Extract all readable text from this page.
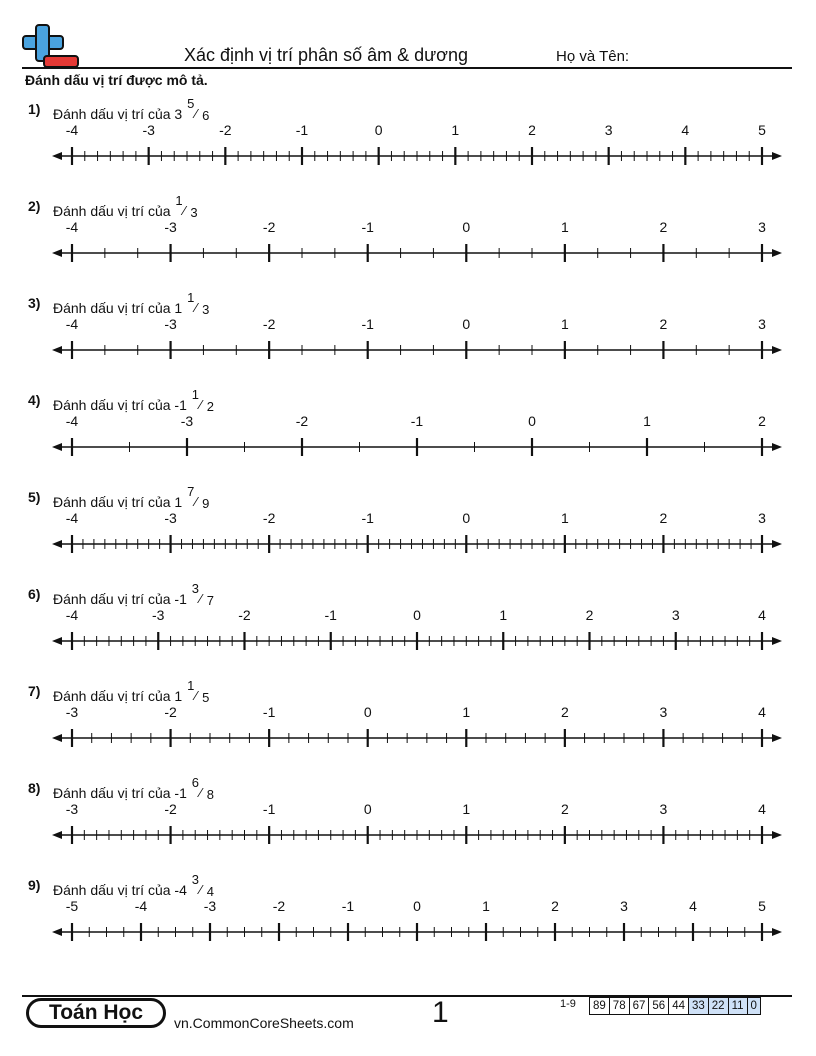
Xác định vị trí phân số âm & dương	Họ và Tên:
Đánh dấu vị trí được mô tả.
1) Đánh dấu vị trí của 3
5
⁄ 6
-4	-3	-2	-1	0	1	2	3	4	5
2) Đánh dấu vị trí của
1
⁄ 3
-4	-3	-2	-1	0	1	2	3
3) Đánh dấu vị trí của 1
1
⁄ 3
-4	-3	-2	-1	0	1	2	3
4) Đánh dấu vị trí của -1
1
⁄ 2
-4	-3	-2	-1	0	1	2
5) Đánh dấu vị trí của 1
7
⁄ 9
-4	-3	-2	-1	0	1	2	3
6) Đánh dấu vị trí của -1
3
⁄ 7
-4	-3	-2	-1	0	1	2	3	4
7) Đánh dấu vị trí của 1
1
⁄ 5
-3	-2	-1	0	1	2	3	4
8) Đánh dấu vị trí của -1
6
⁄ 8
-3	-2	-1	0	1	2	3	4
9) Đánh dấu vị trí của -4
3
⁄ 4
-5	-4	-3	-2	-1	0	1	2	3	4	5
Toán Học	vn.CommonCoreSheets.com	1	1-9 89 78 67 56 44 33 22 11 0
